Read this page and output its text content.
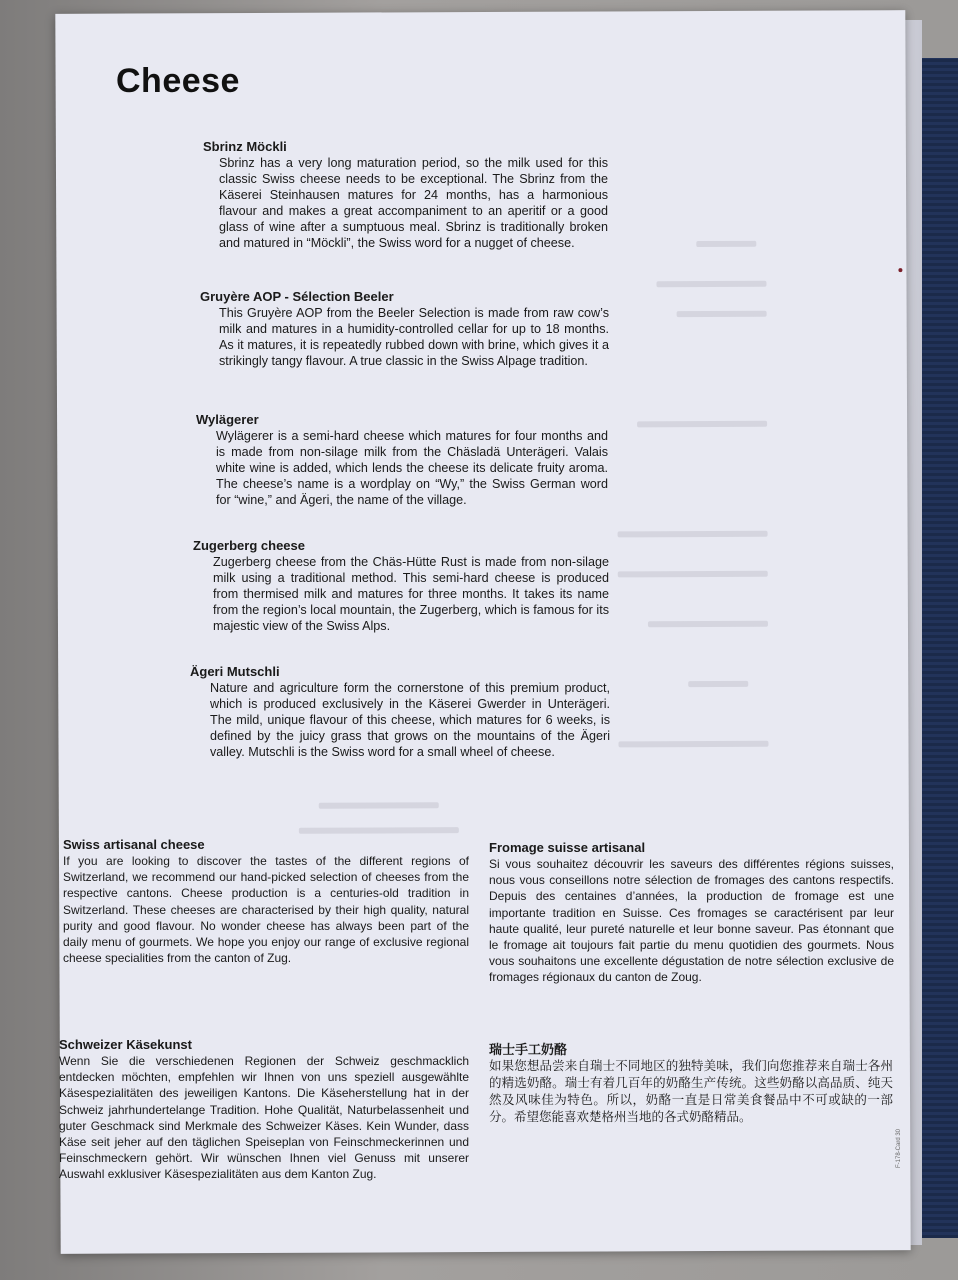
Cheese
Sbrinz Möckli

Sbrinz has a very long maturation period, so the milk used for this classic Swiss cheese needs to be exceptional. The Sbrinz from the Käserei Steinhausen matures for 24 months, has a harmonious flavour and makes a great accompaniment to an aperitif or a good glass of wine after a sumptuous meal. Sbrinz is traditionally broken and matured in “Möckli”, the Swiss word for a nugget of cheese.

Gruyère AOP - Sélection Beeler

This Gruyère AOP from the Beeler Selection is made from raw cow’s milk and matures in a humidity-controlled cellar for up to 18 months. As it matures, it is repeatedly rubbed down with brine, which gives it a strikingly tangy flavour. A true classic in the Swiss Alpage tradition.

Wylägerer

Wylägerer is a semi-hard cheese which matures for four months and is made from non-silage milk from the Chäsladä Unterägeri. Valais white wine is added, which lends the cheese its delicate fruity aroma. The cheese’s name is a wordplay on “Wy,” the Swiss German word for “wine,” and Ägeri, the name of the village.

Zugerberg cheese

Zugerberg cheese from the Chäs-Hütte Rust is made from non-silage milk using a traditional method. This semi-hard cheese is produced from thermised milk and matures for three months. It takes its name from the region’s local mountain, the Zugerberg, which is famous for its majestic view of the Swiss Alps.

Ägeri Mutschli

Nature and agriculture form the cornerstone of this premium product, which is produced exclusively in the Käserei Gwerder in Unterägeri. The mild, unique flavour of this cheese, which matures for 6 weeks, is defined by the juicy grass that grows on the mountains of the Ägeri valley. Mutschli is the Swiss word for a small wheel of cheese.

Swiss artisanal cheese

If you are looking to discover the tastes of the different regions of Switzerland, we recommend our hand-picked selection of cheeses from the respective cantons. Cheese production is a centuries-old tradition in Switzerland. These cheeses are characterised by their high quality, natural purity and good flavour. No wonder cheese has always been part of the daily menu of gourmets. We hope you enjoy our range of exclusive regional cheese specialities from the canton of Zug.

Fromage suisse artisanal

Si vous souhaitez découvrir les saveurs des différentes régions suisses, nous vous conseillons notre sélection de fromages des cantons respectifs. Depuis des centaines d’années, la production de fromage est une importante tradition en Suisse. Ces fromages se caractérisent par leur haute qualité, leur pureté naturelle et leur bonne saveur. Pas étonnant que le fromage ait toujours fait partie du menu quotidien des gourmets. Nous vous souhaitons une excellente dégustation de notre sélection exclusive de fromages régionaux du canton de Zoug.

Schweizer Käsekunst

Wenn Sie die verschiedenen Regionen der Schweiz geschmacklich entdecken möchten, empfehlen wir Ihnen von uns speziell ausgewählte Käsespezialitäten des jeweiligen Kantons. Die Käseherstellung hat in der Schweiz jahrhundertelange Tradition. Hohe Qualität, Naturbelassenheit und guter Geschmack sind Merkmale des Schweizer Käses. Kein Wunder, dass Käse seit jeher auf den täglichen Speiseplan von Feinschmeckerinnen und Feinschmeckern gehört. Wir wünschen Ihnen viel Genuss mit unserer Auswahl exklusiver Käsespezialitäten aus dem Kanton Zug.

瑞士手工奶酪

如果您想品尝来自瑞士不同地区的独特美味，我们向您推荐来自瑞士各州的精选奶酪。瑞士有着几百年的奶酪生产传统。这些奶酪以高品质、纯天然及风味佳为特色。所以，奶酪一直是日常美食餐品中不可或缺的一部分。希望您能喜欢楚格州当地的各式奶酪精品。

F-178-Card 30
